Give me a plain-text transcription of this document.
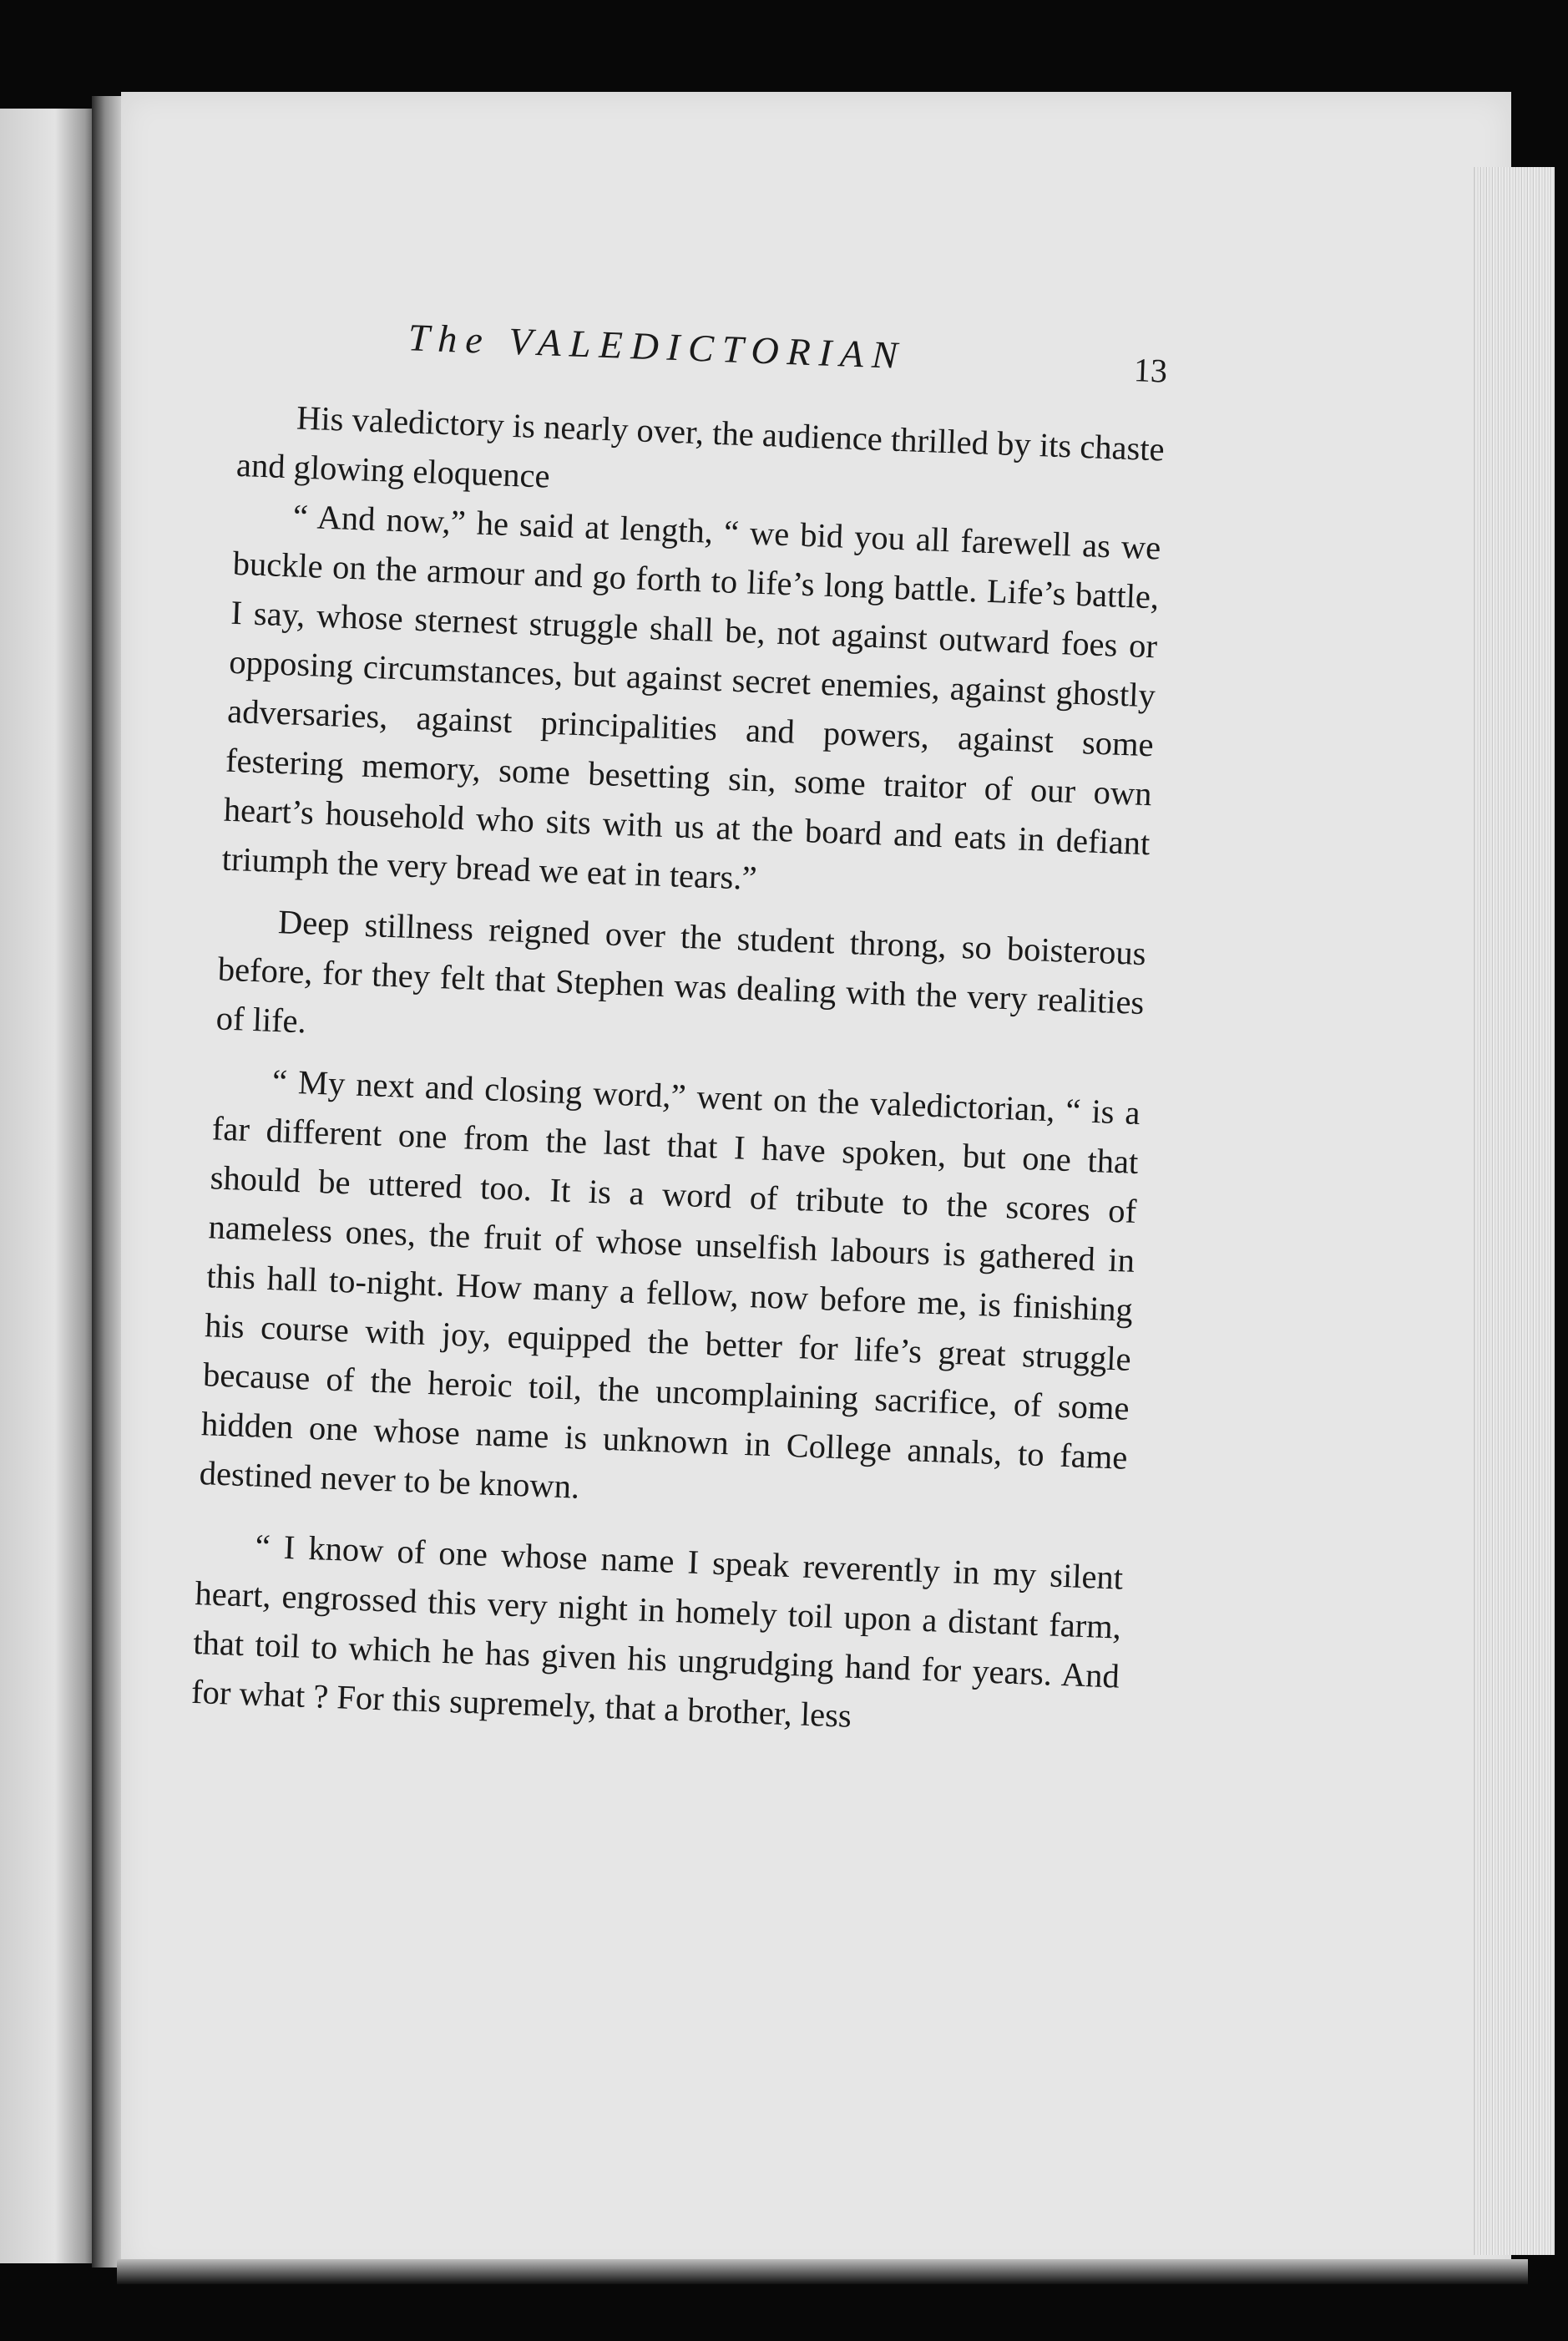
The VALEDICTORIAN	13

His valedictory is nearly over, the audience thrilled by its chaste and glowing eloquence

“ And now,” he said at length, “ we bid you all farewell as we buckle on the armour and go forth to life’s long battle. Life’s battle, I say, whose sternest struggle shall be, not against outward foes or opposing circumstances, but against secret enemies, against ghostly adversaries, against principalities and powers, against some festering memory, some besetting sin, some traitor of our own heart’s household who sits with us at the board and eats in defiant triumph the very bread we eat in tears.”

Deep stillness reigned over the student throng, so boisterous before, for they felt that Stephen was dealing with the very realities of life.

“ My next and closing word,” went on the valedictorian, “ is a far different one from the last that I have spoken, but one that should be uttered too. It is a word of tribute to the scores of nameless ones, the fruit of whose unselfish labours is gathered in this hall to-night. How many a fellow, now before me, is finishing his course with joy, equipped the better for life’s great struggle because of the heroic toil, the uncomplaining sacrifice, of some hidden one whose name is unknown in College annals, to fame destined never to be known.

“ I know of one whose name I speak reverently in my silent heart, engrossed this very night in homely toil upon a distant farm, that toil to which he has given his ungrudging hand for years. And for what ? For this supremely, that a brother, less
